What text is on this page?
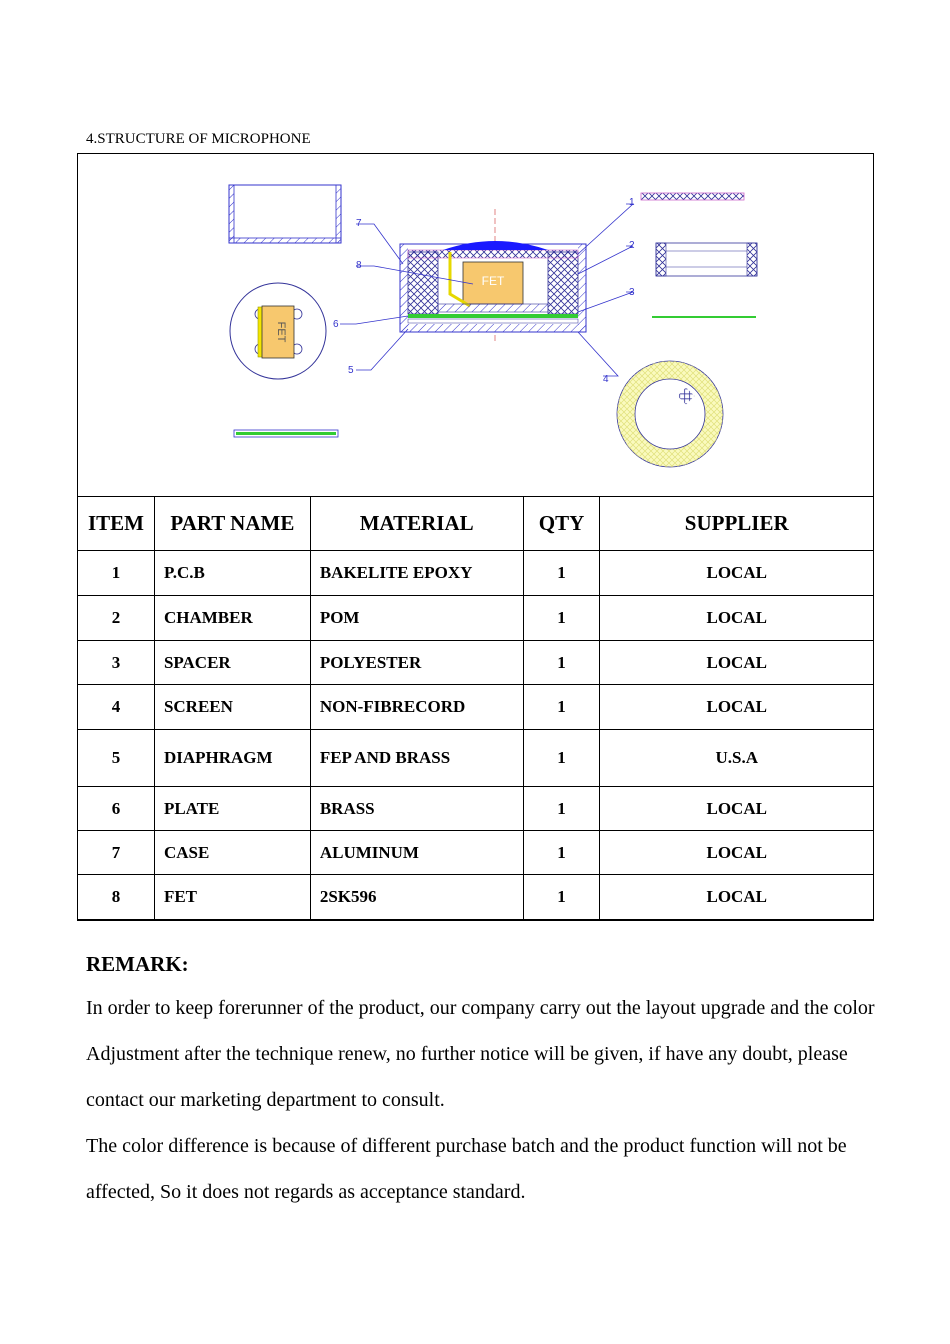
4.STRUCTURE OF MICROPHONE
FET
FET
7
8
6
5
1
2
3
4
ITEM	PART NAME	MATERIAL	QTY	SUPPLIER
1	P.C.B	BAKELITE EPOXY	1	LOCAL
2	CHAMBER	POM	1	LOCAL
3	SPACER	POLYESTER	1	LOCAL
4	SCREEN	NON-FIBRECORD	1	LOCAL
5	DIAPHRAGM	FEP AND BRASS	1	U.S.A
6	PLATE	BRASS	1	LOCAL
7	CASE	ALUMINUM	1	LOCAL
8	FET	2SK596	1	LOCAL
REMARK:

In order to keep forerunner of the product, our company carry out the layout upgrade and the color Adjustment after the technique renew, no further notice will be given, if have any doubt, please contact our marketing department to consult.

The color difference is because of different purchase batch and the product function will not be affected, So it does not regards as acceptance standard.
